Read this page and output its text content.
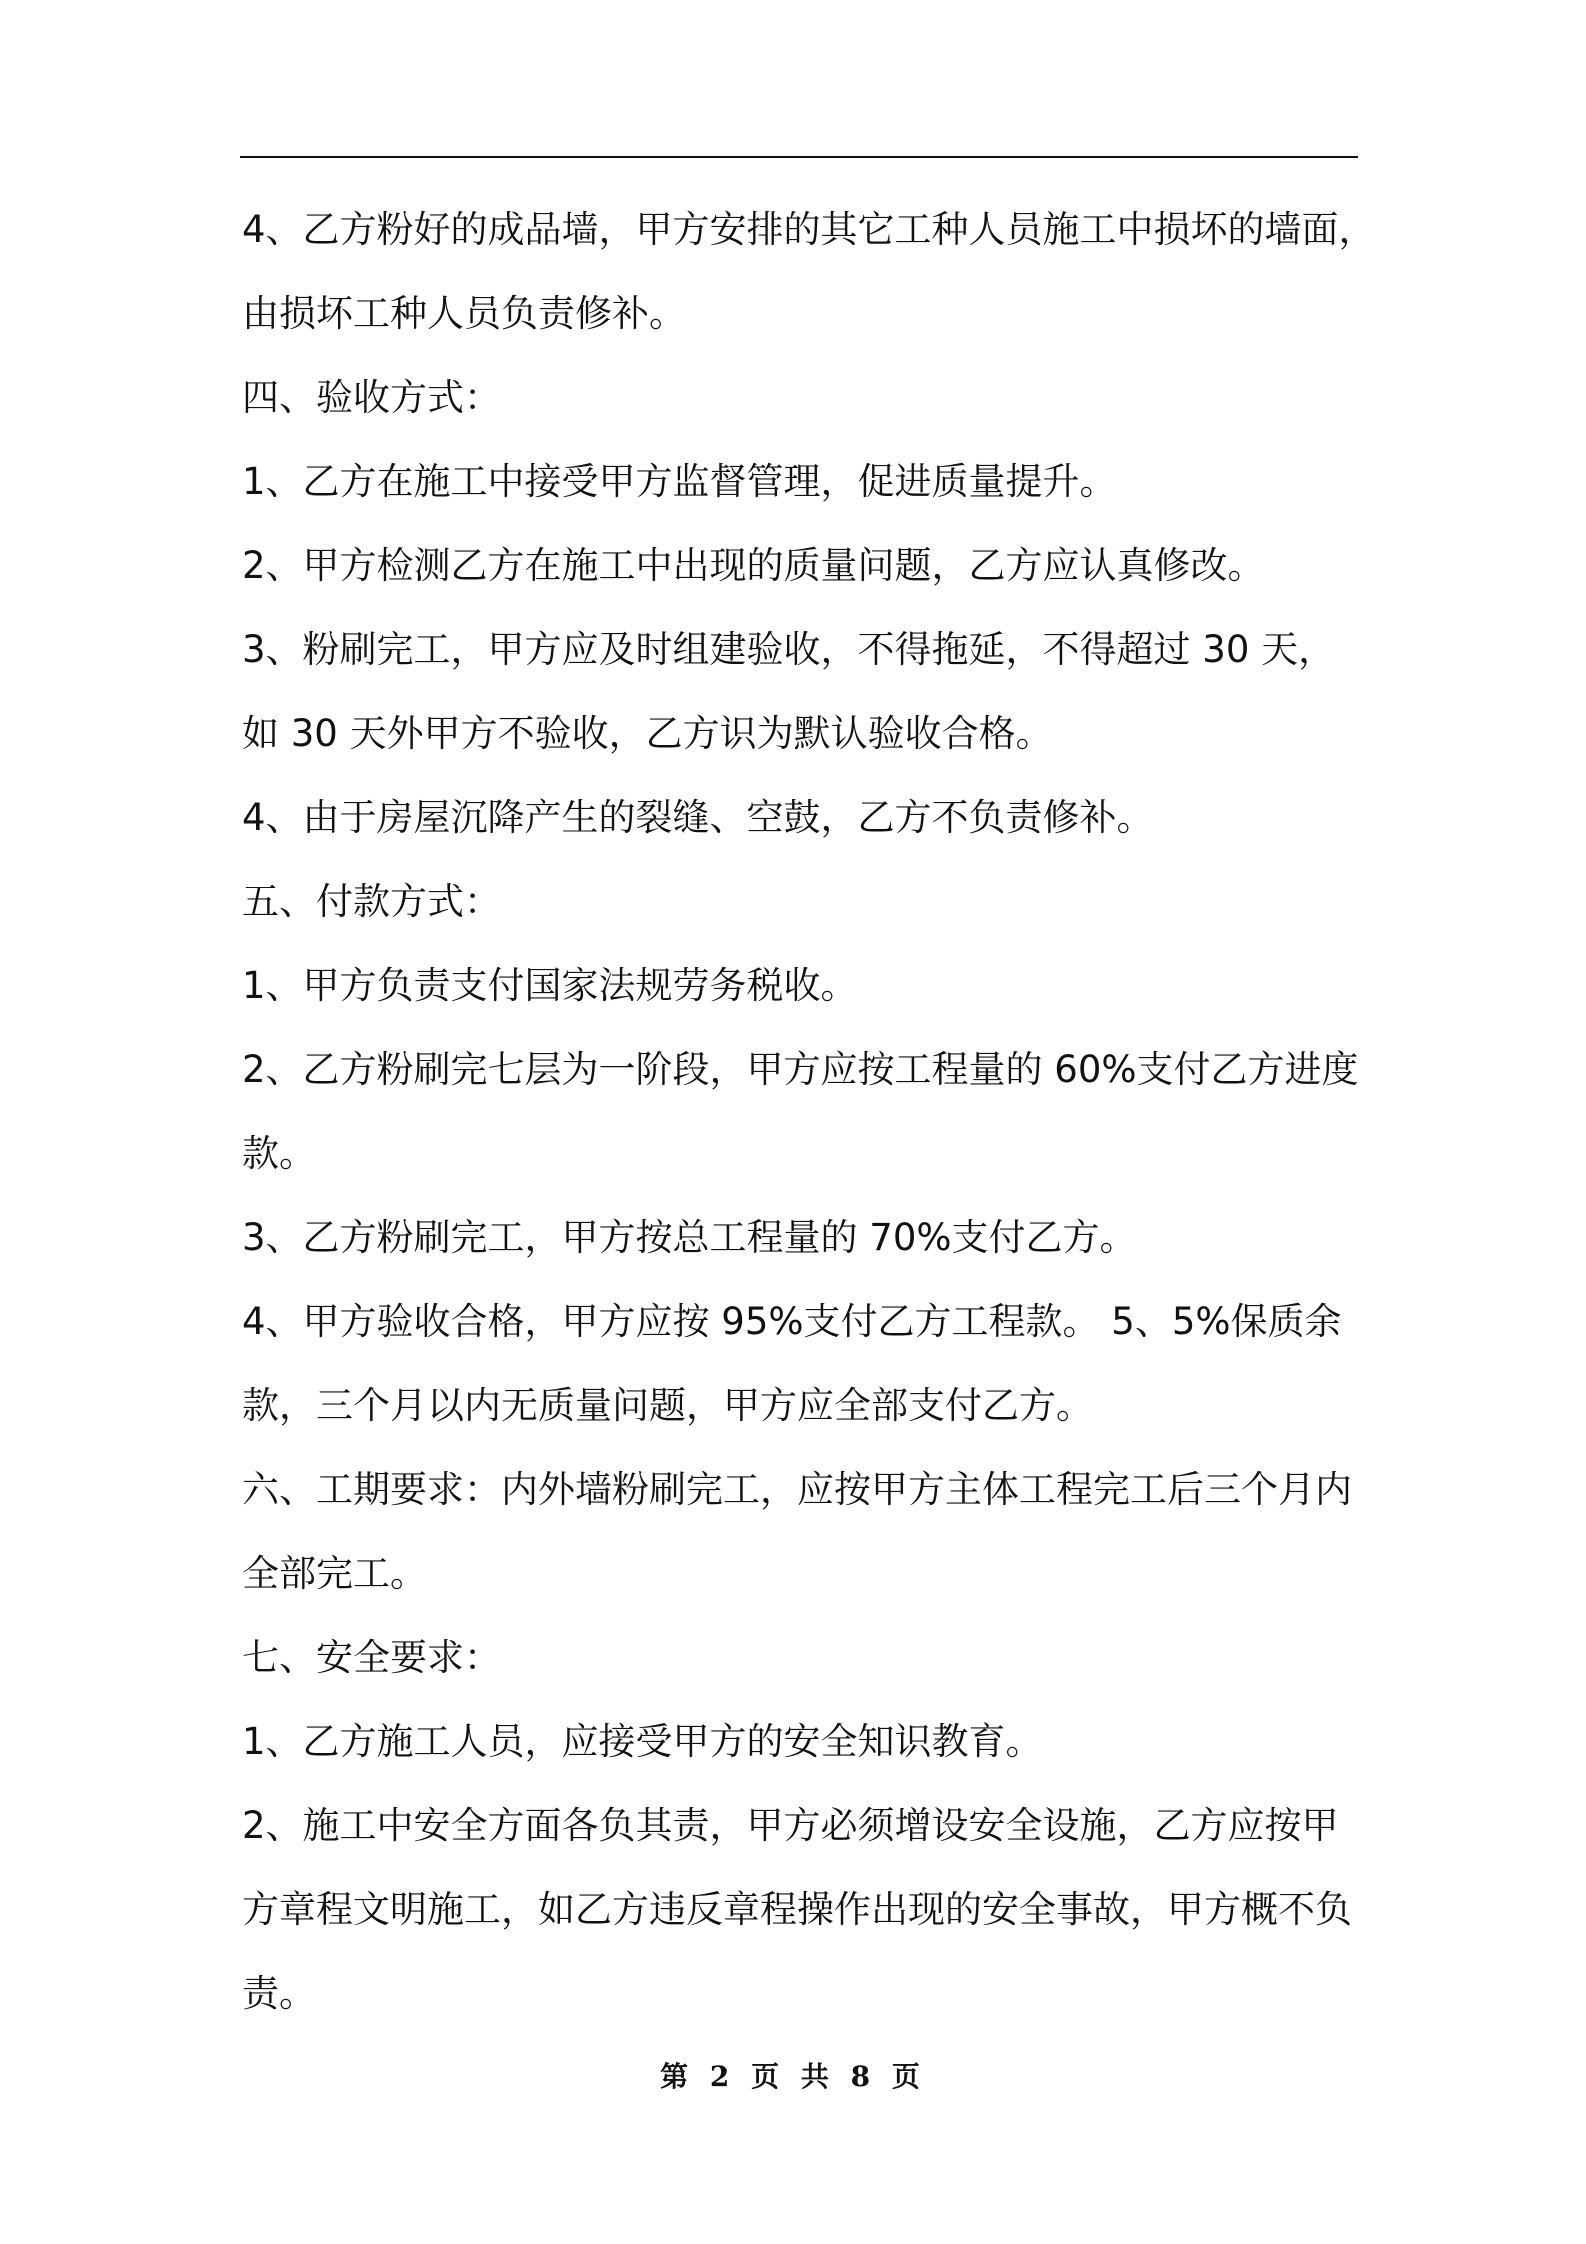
4、乙方粉好的成品墙，甲方安排的其它工种人员施工中损坏的墙面，
由损坏工种人员负责修补。
四、验收方式：
1、乙方在施工中接受甲方监督管理，促进质量提升。
2、甲方检测乙方在施工中出现的质量问题，乙方应认真修改。
3、粉刷完工，甲方应及时组建验收，不得拖延，不得超过 30 天，
如 30 天外甲方不验收，乙方识为默认验收合格。
4、由于房屋沉降产生的裂缝、空鼓，乙方不负责修补。
五、付款方式：
1、甲方负责支付国家法规劳务税收。
2、乙方粉刷完七层为一阶段，甲方应按工程量的 60%支付乙方进度
款。
3、乙方粉刷完工，甲方按总工程量的 70%支付乙方。
4、甲方验收合格，甲方应按 95%支付乙方工程款。 5、5%保质余
款，三个月以内无质量问题，甲方应全部支付乙方。
六、工期要求：内外墙粉刷完工，应按甲方主体工程完工后三个月内
全部完工。
七、安全要求：
1、乙方施工人员，应接受甲方的安全知识教育。
2、施工中安全方面各负其责，甲方必须增设安全设施，乙方应按甲
方章程文明施工，如乙方违反章程操作出现的安全事故，甲方概不负
责。
第 2 页 共 8 页
